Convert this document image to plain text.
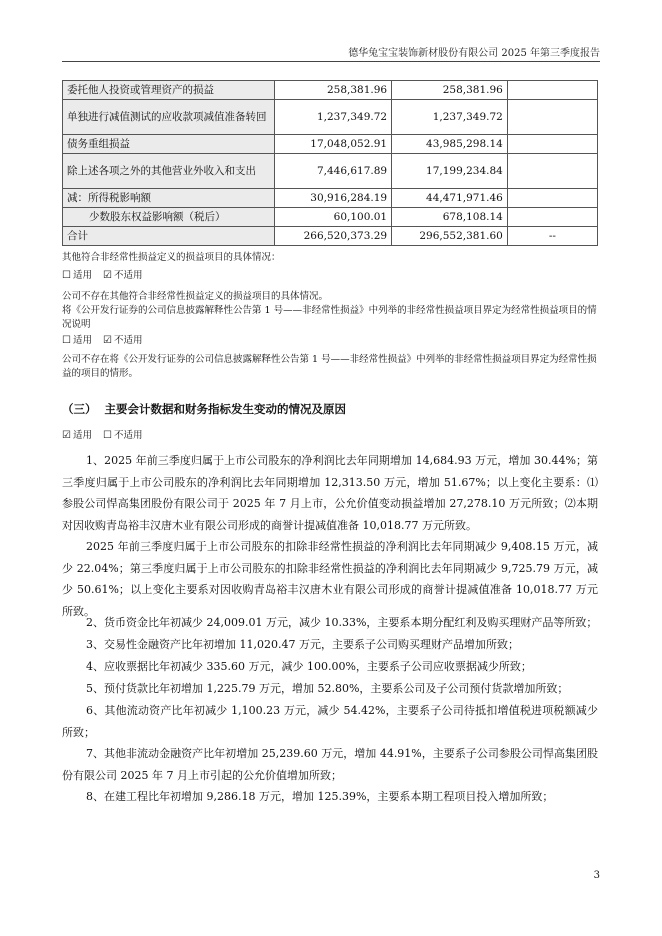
德华兔宝宝装饰新材股份有限公司 2025 年第三季度报告
委托他人投资或管理资产的损益	258,381.96	258,381.96	
单独进行减值测试的应收款项减值准备转回	1,237,349.72	1,237,349.72	
债务重组损益	17,048,052.91	43,985,298.14	
除上述各项之外的其他营业外收入和支出	7,446,617.89	17,199,234.84	
减：所得税影响额	30,916,284.19	44,471,971.46	
少数股东权益影响额（税后）	60,100.01	678,108.14	
合计	266,520,373.29	296,552,381.60	--
其他符合非经常性损益定义的损益项目的具体情况：
☐ 适用 ☑ 不适用
公司不存在其他符合非经常性损益定义的损益项目的具体情况。
将《公开发行证券的公司信息披露解释性公告第 1 号——非经常性损益》中列举的非经常性损益项目界定为经常性损益项目的情况说明
☐ 适用 ☑ 不适用
公司不存在将《公开发行证券的公司信息披露解释性公告第 1 号——非经常性损益》中列举的非经常性损益项目界定为经常性损益的项目的情形。
（三） 主要会计数据和财务指标发生变动的情况及原因
☑ 适用 ☐ 不适用
1、2025 年前三季度归属于上市公司股东的净利润比去年同期增加 14,684.93 万元，增加 30.44%；第三季度归属于上市公司股东的净利润比去年同期增加 12,313.50 万元，增加 51.67%；以上变化主要系：⑴参股公司悍高集团股份有限公司于 2025 年 7 月上市，公允价值变动损益增加 27,278.10 万元所致；⑵本期对因收购青岛裕丰汉唐木业有限公司形成的商誉计提减值准备 10,018.77 万元所致。
2025 年前三季度归属于上市公司股东的扣除非经常性损益的净利润比去年同期减少 9,408.15 万元，减少 22.04%；第三季度归属于上市公司股东的扣除非经常性损益的净利润比去年同期减少 9,725.79 万元，减少 50.61%；以上变化主要系对因收购青岛裕丰汉唐木业有限公司形成的商誉计提减值准备 10,018.77 万元所致。
2、货币资金比年初减少 24,009.01 万元，减少 10.33%，主要系本期分配红利及购买理财产品等所致；
3、交易性金融资产比年初增加 11,020.47 万元，主要系子公司购买理财产品增加所致；
4、应收票据比年初减少 335.60 万元，减少 100.00%，主要系子公司应收票据减少所致；
5、预付货款比年初增加 1,225.79 万元，增加 52.80%，主要系公司及子公司预付货款增加所致；
6、其他流动资产比年初减少 1,100.23 万元，减少 54.42%，主要系子公司待抵扣增值税进项税额减少所致；
7、其他非流动金融资产比年初增加 25,239.60 万元，增加 44.91%，主要系子公司参股公司悍高集团股份有限公司 2025 年 7 月上市引起的公允价值增加所致；
8、在建工程比年初增加 9,286.18 万元，增加 125.39%，主要系本期工程项目投入增加所致；
3
